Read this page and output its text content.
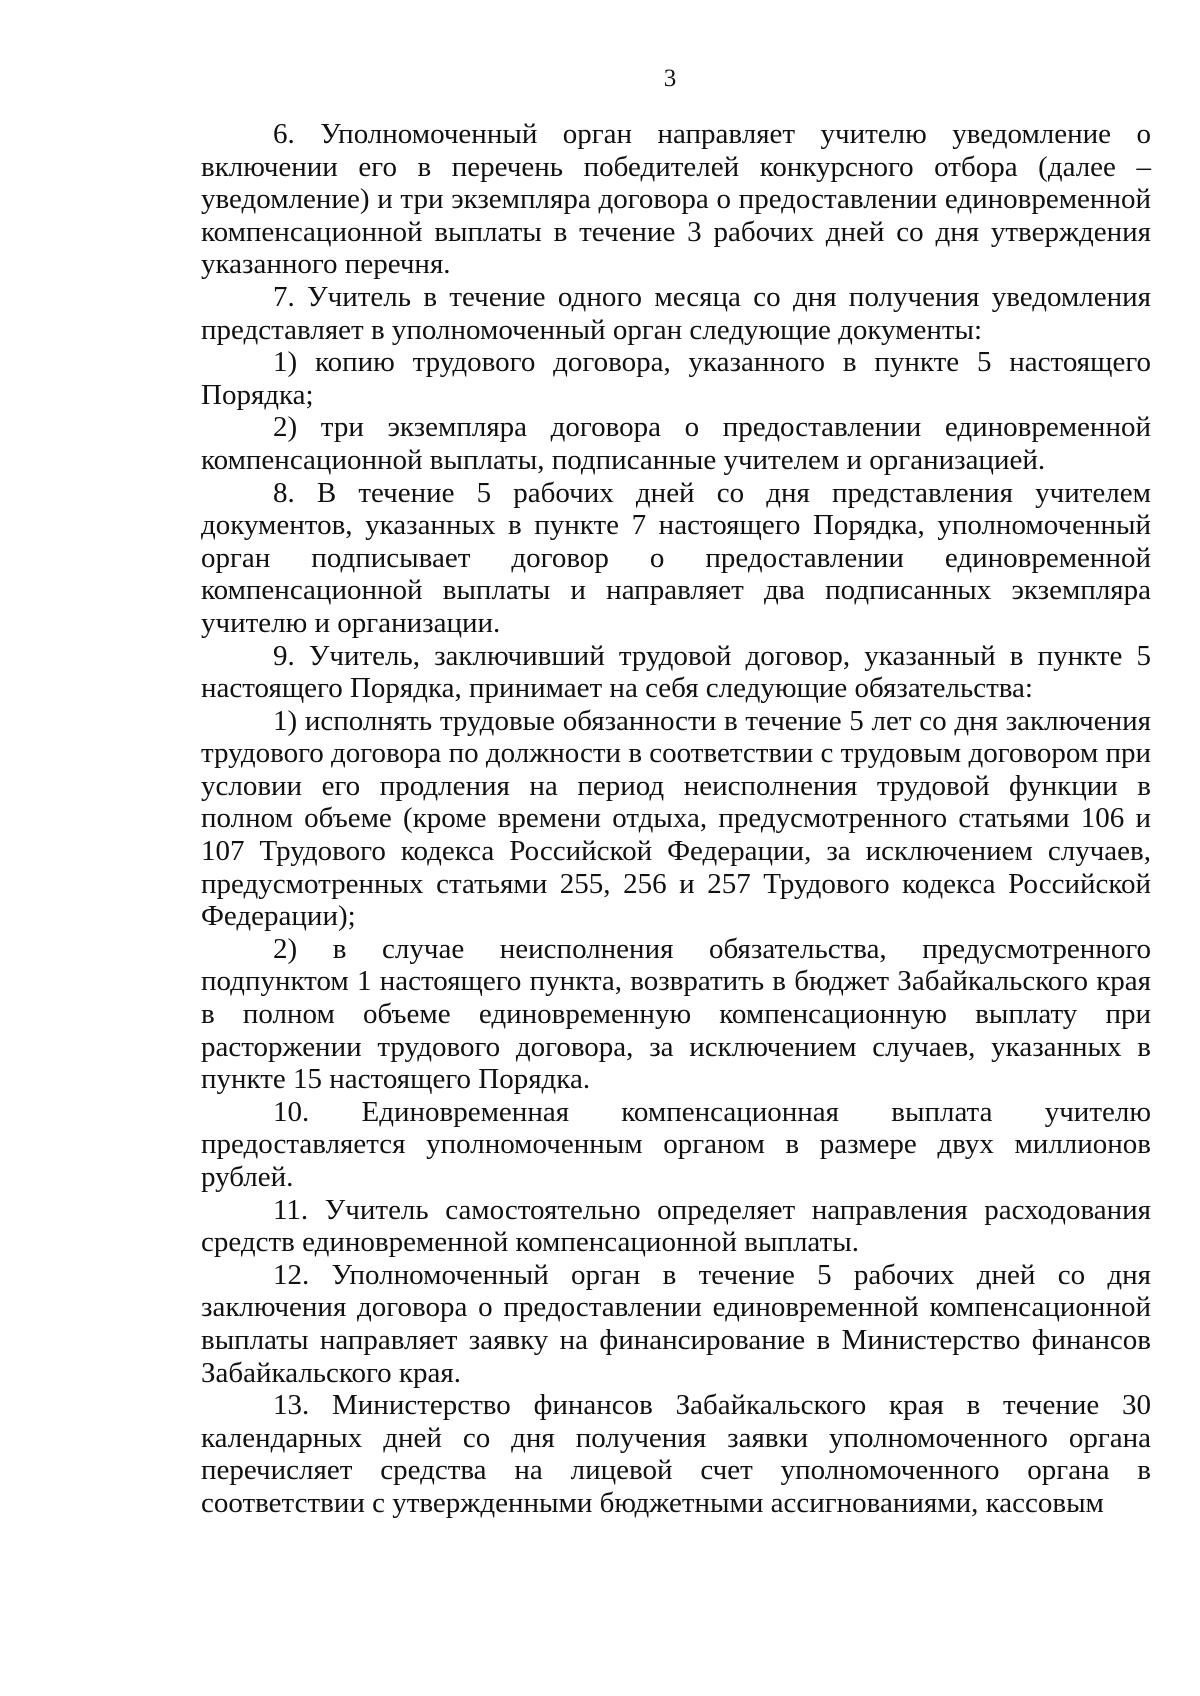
3

6. Уполномоченный орган направляет учителю уведомление о включении его в перечень победителей конкурсного отбора (далее – уведомление) и три экземпляра договора о предоставлении единовременной компенсационной выплаты в течение 3 рабочих дней со дня утверждения указанного перечня.

7. Учитель в течение одного месяца со дня получения уведомления представляет в уполномоченный орган следующие документы:

1) копию трудового договора, указанного в пункте 5 настоящего Порядка;

2) три экземпляра договора о предоставлении единовременной компенсационной выплаты, подписанные учителем и организацией.

8. В течение 5 рабочих дней со дня представления учителем документов, указанных в пункте 7 настоящего Порядка, уполномоченный орган подписывает договор о предоставлении единовременной компенсационной выплаты и направляет два подписанных экземпляра учителю и организации.

9. Учитель, заключивший трудовой договор, указанный в пункте 5 настоящего Порядка, принимает на себя следующие обязательства:

1) исполнять трудовые обязанности в течение 5 лет со дня заключения трудового договора по должности в соответствии с трудовым договором при условии его продления на период неисполнения трудовой функции в полном объеме (кроме времени отдыха, предусмотренного статьями 106 и 107 Трудового кодекса Российской Федерации, за исключением случаев, предусмотренных статьями 255, 256 и 257 Трудового кодекса Российской Федерации);

2) в случае неисполнения обязательства, предусмотренного подпунктом 1 настоящего пункта, возвратить в бюджет Забайкальского края в полном объеме единовременную компенсационную выплату при расторжении трудового договора, за исключением случаев, указанных в пункте 15 настоящего Порядка.

10. Единовременная компенсационная выплата учителю предоставляется уполномоченным органом в размере двух миллионов рублей.

11. Учитель самостоятельно определяет направления расходования средств единовременной компенсационной выплаты.

12. Уполномоченный орган в течение 5 рабочих дней со дня заключения договора о предоставлении единовременной компенсационной выплаты направляет заявку на финансирование в Министерство финансов Забайкальского края.

13. Министерство финансов Забайкальского края в течение 30 календарных дней со дня получения заявки уполномоченного органа перечисляет средства на лицевой счет уполномоченного органа в соответствии с утвержденными бюджетными ассигнованиями, кассовым
